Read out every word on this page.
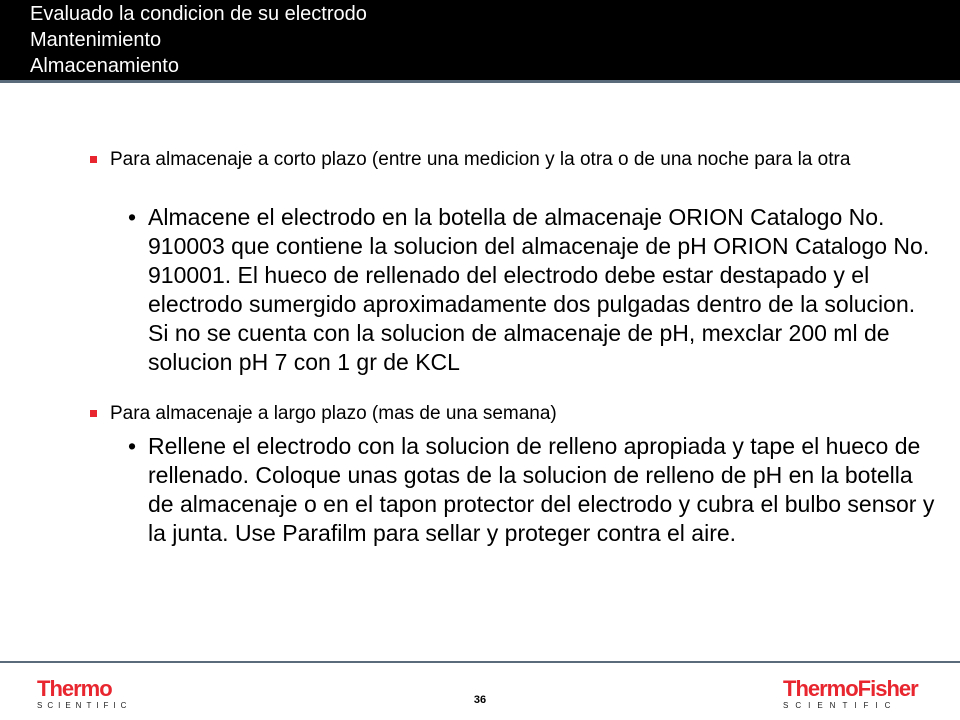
Evaluado la condicion de su electrodo
Mantenimiento
Almacenamiento
Para almacenaje a corto plazo (entre una medicion y la otra o de una noche para la otra
• Almacene el electrodo en la botella de almacenaje ORION Catalogo No. 910003 que contiene la solucion del almacenaje de pH ORION Catalogo No. 910001. El hueco de rellenado del electrodo debe estar destapado y el electrodo sumergido aproximadamente dos pulgadas dentro de la solucion. Si no se cuenta con la solucion de almacenaje de pH, mexclar 200 ml de solucion pH 7 con 1 gr de KCL
Para almacenaje a largo plazo (mas de una semana)
• Rellene el electrodo con la solucion de relleno apropiada y tape el hueco de rellenado. Coloque unas gotas de la solucion de relleno de pH en la botella de almacenaje o en el tapon protector del electrodo y cubra el bulbo sensor y la junta. Use Parafilm para sellar y proteger contra el aire.
Thermo
SCIENTIFIC	36	ThermoFisher
SCIENTIFIC
